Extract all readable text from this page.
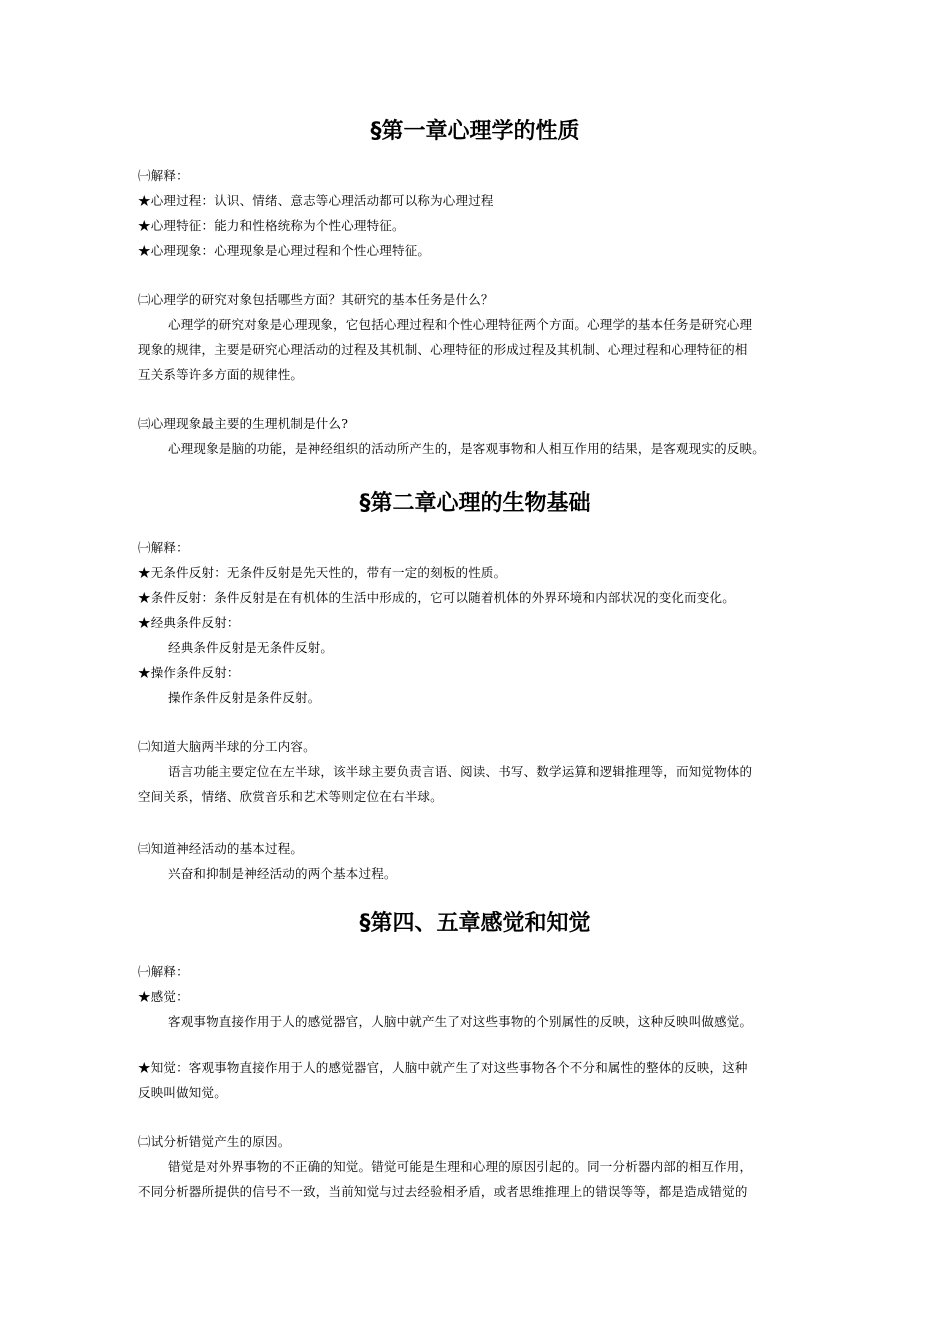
§第一章心理学的性质
㈠解释：
★心理过程：认识、情绪、意志等心理活动都可以称为心理过程
★心理特征：能力和性格统称为个性心理特征。
★心理现象：心理现象是心理过程和个性心理特征。
㈡心理学的研究对象包括哪些方面？其研究的基本任务是什么？
心理学的研究对象是心理现象，它包括心理过程和个性心理特征两个方面。心理学的基本任务是研究心理
现象的规律，主要是研究心理活动的过程及其机制、心理特征的形成过程及其机制、心理过程和心理特征的相
互关系等许多方面的规律性。
㈢心理现象最主要的生理机制是什么?
心理现象是脑的功能，是神经组织的活动所产生的，是客观事物和人相互作用的结果，是客观现实的反映。
§第二章心理的生物基础
㈠解释：
★无条件反射：无条件反射是先天性的，带有一定的刻板的性质。
★条件反射：条件反射是在有机体的生活中形成的，它可以随着机体的外界环境和内部状况的变化而变化。
★经典条件反射：
经典条件反射是无条件反射。
★操作条件反射：
操作条件反射是条件反射。
㈡知道大脑两半球的分工内容。
语言功能主要定位在左半球，该半球主要负责言语、阅读、书写、数学运算和逻辑推理等，而知觉物体的
空间关系，情绪、欣赏音乐和艺术等则定位在右半球。
㈢知道神经活动的基本过程。
兴奋和抑制是神经活动的两个基本过程。
§第四、五章感觉和知觉
㈠解释：
★感觉：
客观事物直接作用于人的感觉器官，人脑中就产生了对这些事物的个别属性的反映，这种反映叫做感觉。
★知觉：客观事物直接作用于人的感觉器官，人脑中就产生了对这些事物各个不分和属性的整体的反映，这种
反映叫做知觉。
㈡试分析错觉产生的原因。
错觉是对外界事物的不正确的知觉。错觉可能是生理和心理的原因引起的。同一分析器内部的相互作用，
不同分析器所提供的信号不一致，当前知觉与过去经验相矛盾，或者思维推理上的错误等等，都是造成错觉的
